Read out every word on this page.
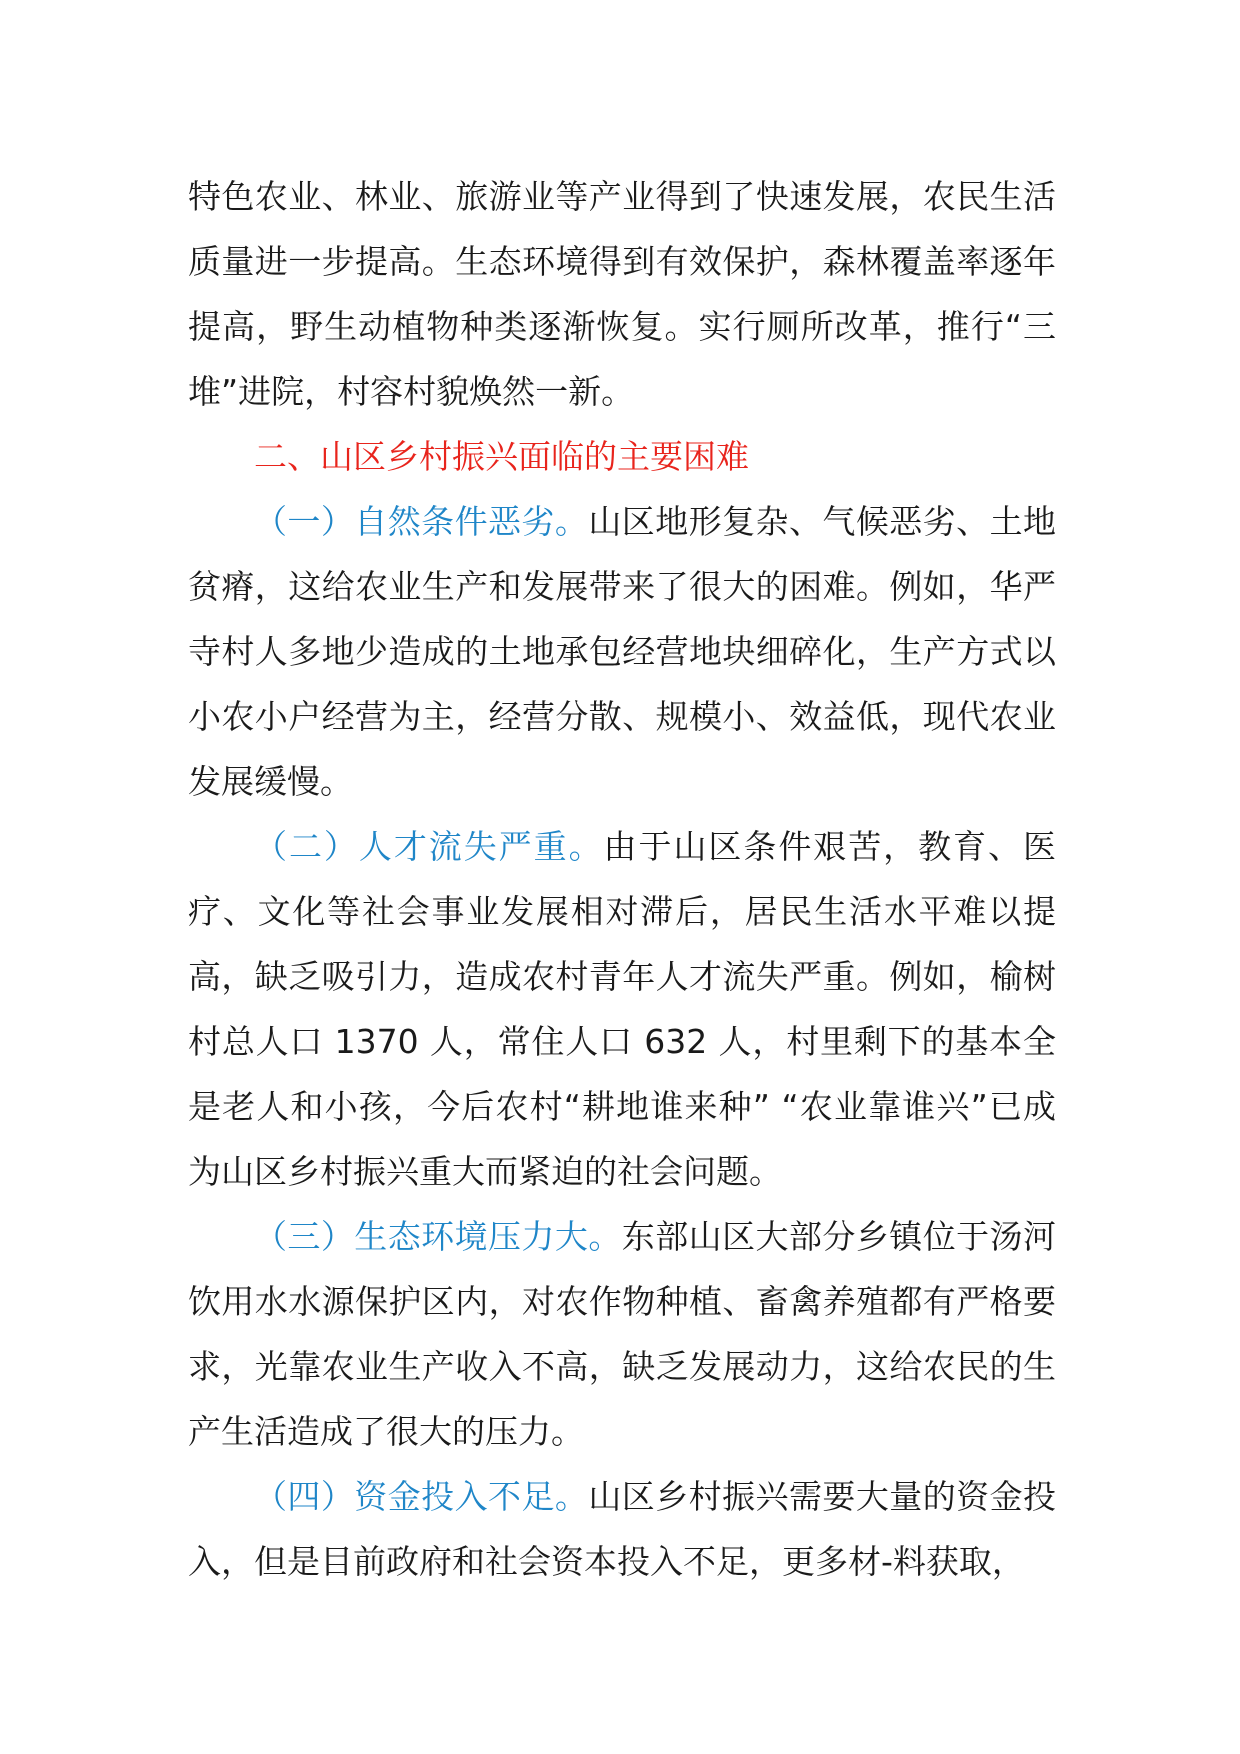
特色农业、林业、旅游业等产业得到了快速发展，农民生活质量进一步提高。生态环境得到有效保护，森林覆盖率逐年提高，野生动植物种类逐渐恢复。实行厕所改革，推行“三堆”进院，村容村貌焕然一新。

二、山区乡村振兴面临的主要困难

（一）自然条件恶劣。山区地形复杂、气候恶劣、土地贫瘠，这给农业生产和发展带来了很大的困难。例如，华严寺村人多地少造成的土地承包经营地块细碎化，生产方式以小农小户经营为主，经营分散、规模小、效益低，现代农业发展缓慢。

（二）人才流失严重。由于山区条件艰苦，教育、医疗、文化等社会事业发展相对滞后，居民生活水平难以提高，缺乏吸引力，造成农村青年人才流失严重。例如，榆树村总人口 1370 人，常住人口 632 人，村里剩下的基本全是老人和小孩，今后农村“耕地谁来种” “农业靠谁兴”已成为山区乡村振兴重大而紧迫的社会问题。

（三）生态环境压力大。东部山区大部分乡镇位于汤河饮用水水源保护区内，对农作物种植、畜禽养殖都有严格要求，光靠农业生产收入不高，缺乏发展动力，这给农民的生产生活造成了很大的压力。

（四）资金投入不足。山区乡村振兴需要大量的资金投入，但是目前政府和社会资本投入不足，更多材-料获取，
